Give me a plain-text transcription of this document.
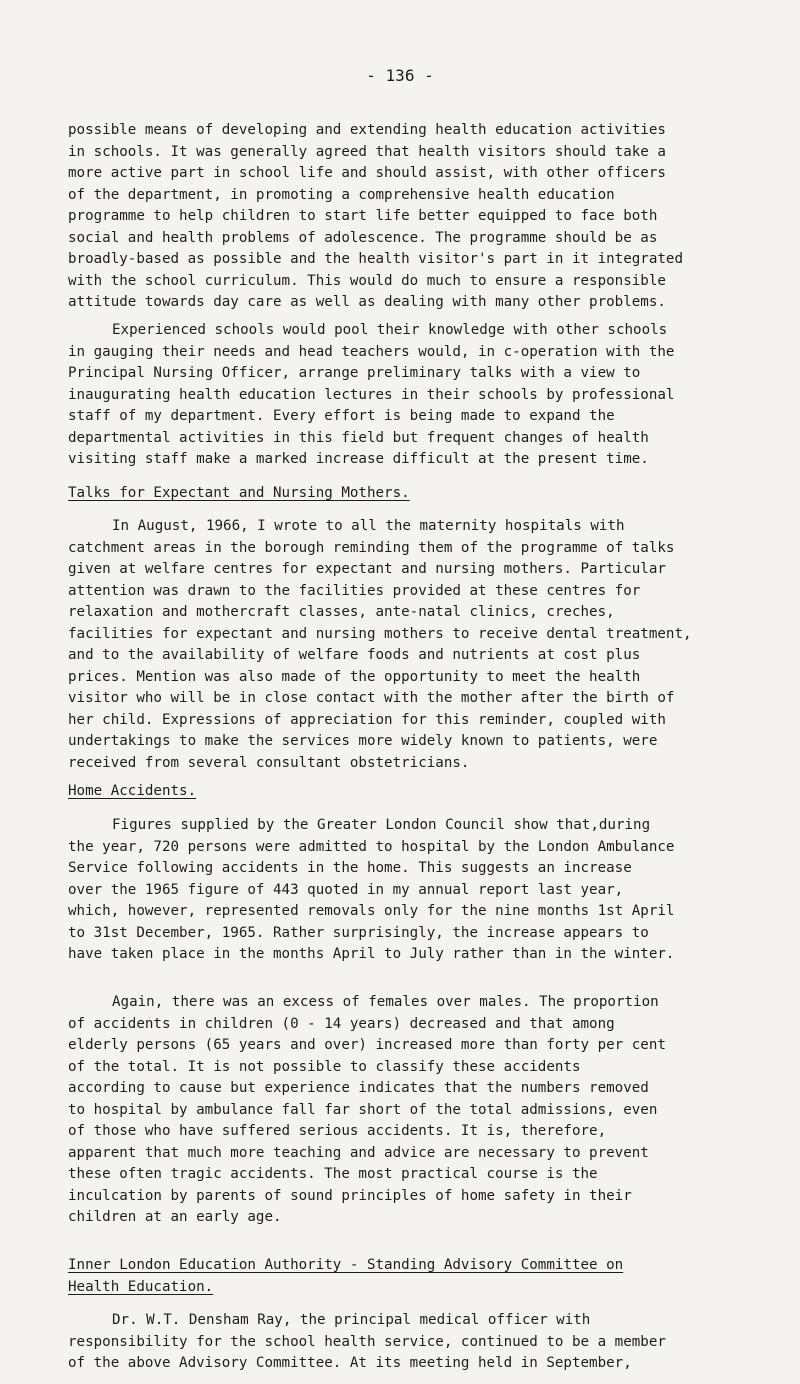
- 136 -
possible means of developing and extending health education activities
in schools. It was generally agreed that health visitors should take a
more active part in school life and should assist, with other officers
of the department, in promoting a comprehensive health education
programme to help children to start life better equipped to face both
social and health problems of adolescence. The programme should be as
broadly-based as possible and the health visitor's part in it integrated
with the school curriculum. This would do much to ensure a responsible
attitude towards day care as well as dealing with many other problems.
Experienced schools would pool their knowledge with other schools
in gauging their needs and head teachers would, in c-operation with the
Principal Nursing Officer, arrange preliminary talks with a view to
inaugurating health education lectures in their schools by professional
staff of my department. Every effort is being made to expand the
departmental activities in this field but frequent changes of health
visiting staff make a marked increase difficult at the present time.
Talks for Expectant and Nursing Mothers.
In August, 1966, I wrote to all the maternity hospitals with
catchment areas in the borough reminding them of the programme of talks
given at welfare centres for expectant and nursing mothers. Particular
attention was drawn to the facilities provided at these centres for
relaxation and mothercraft classes, ante-natal clinics, creches,
facilities for expectant and nursing mothers to receive dental treatment,
and to the availability of welfare foods and nutrients at cost plus
prices. Mention was also made of the opportunity to meet the health
visitor who will be in close contact with the mother after the birth of
her child. Expressions of appreciation for this reminder, coupled with
undertakings to make the services more widely known to patients, were
received from several consultant obstetricians.
Home Accidents.
Figures supplied by the Greater London Council show that,during
the year, 720 persons were admitted to hospital by the London Ambulance
Service following accidents in the home. This suggests an increase
over the 1965 figure of 443 quoted in my annual report last year,
which, however, represented removals only for the nine months 1st April
to 31st December, 1965. Rather surprisingly, the increase appears to
have taken place in the months April to July rather than in the winter.
Again, there was an excess of females over males. The proportion
of accidents in children (0 - 14 years) decreased and that among
elderly persons (65 years and over) increased more than forty per cent
of the total. It is not possible to classify these accidents
according to cause but experience indicates that the numbers removed
to hospital by ambulance fall far short of the total admissions, even
of those who have suffered serious accidents. It is, therefore,
apparent that much more teaching and advice are necessary to prevent
these often tragic accidents. The most practical course is the
inculcation by parents of sound principles of home safety in their
children at an early age.
Inner London Education Authority - Standing Advisory Committee on
Health Education.
Dr. W.T. Densham Ray, the principal medical officer with
responsibility for the school health service, continued to be a member
of the above Advisory Committee. At its meeting held in September,
